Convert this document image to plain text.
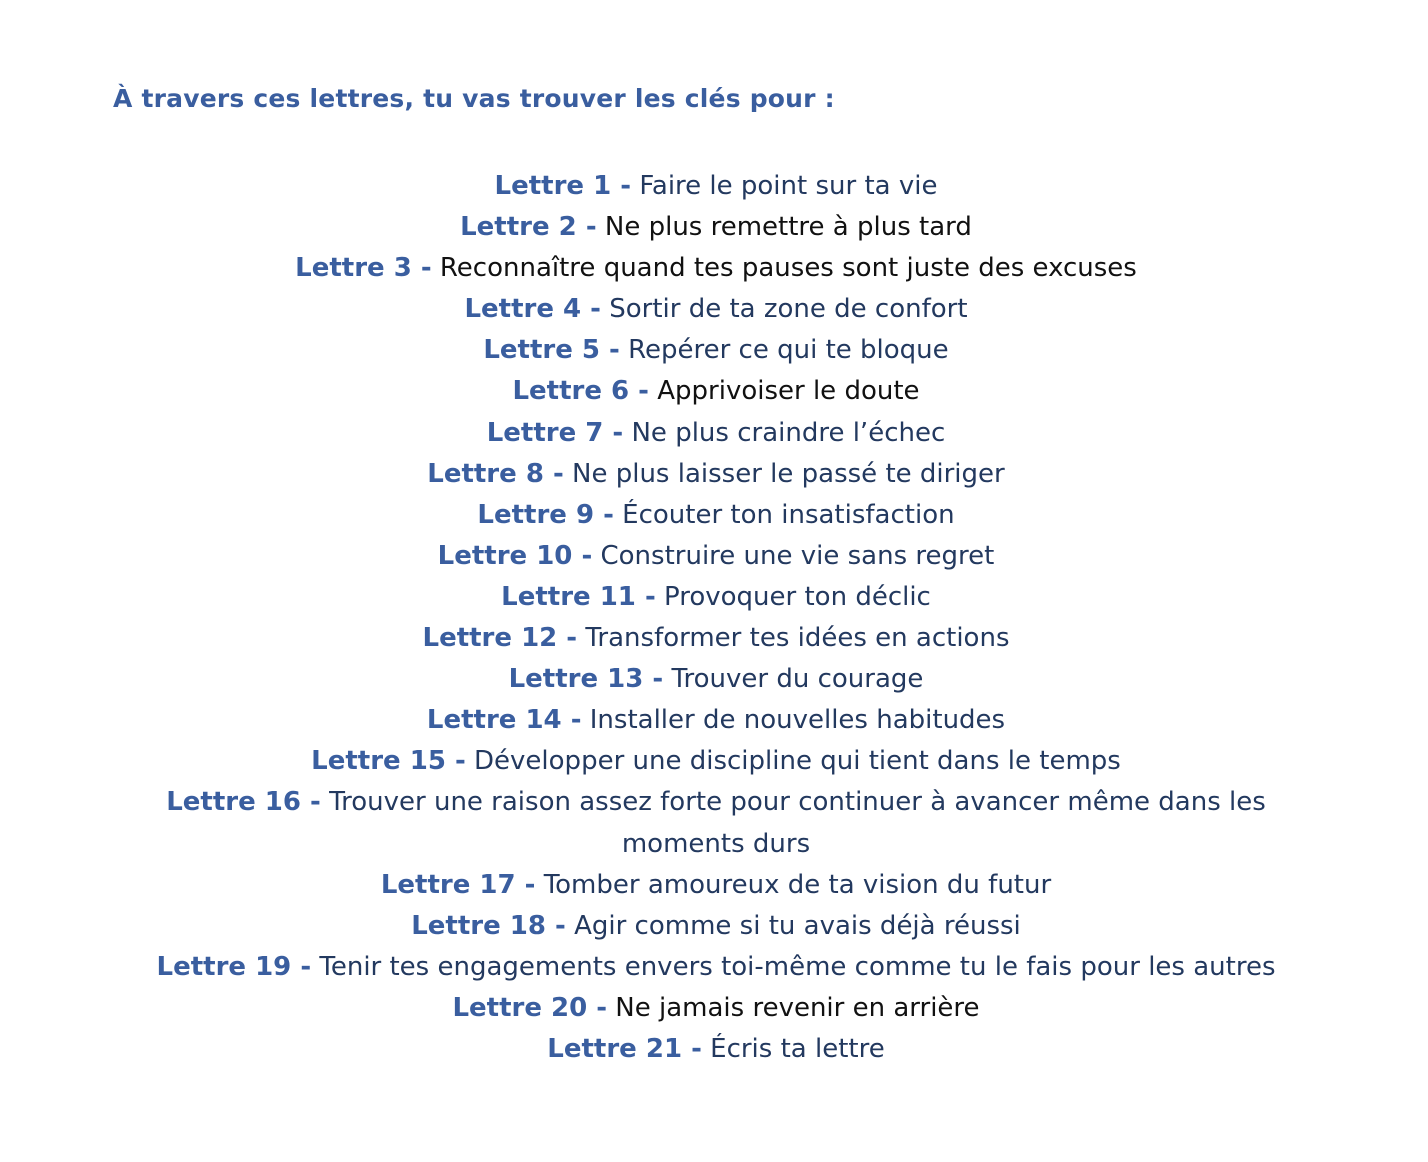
À travers ces lettres, tu vas trouver les clés pour :
Lettre 1 - Faire le point sur ta vie
Lettre 2 - Ne plus remettre à plus tard
Lettre 3 - Reconnaître quand tes pauses sont juste des excuses
Lettre 4 - Sortir de ta zone de confort
Lettre 5 - Repérer ce qui te bloque
Lettre 6 - Apprivoiser le doute
Lettre 7 - Ne plus craindre l’échec
Lettre 8 - Ne plus laisser le passé te diriger
Lettre 9 - Écouter ton insatisfaction
Lettre 10 - Construire une vie sans regret
Lettre 11 - Provoquer ton déclic
Lettre 12 - Transformer tes idées en actions
Lettre 13 - Trouver du courage
Lettre 14 - Installer de nouvelles habitudes
Lettre 15 - Développer une discipline qui tient dans le temps
Lettre 16 - Trouver une raison assez forte pour continuer à avancer même dans les moments durs
Lettre 17 - Tomber amoureux de ta vision du futur
Lettre 18 - Agir comme si tu avais déjà réussi
Lettre 19 - Tenir tes engagements envers toi-même comme tu le fais pour les autres
Lettre 20 - Ne jamais revenir en arrière
Lettre 21 - Écris ta lettre
